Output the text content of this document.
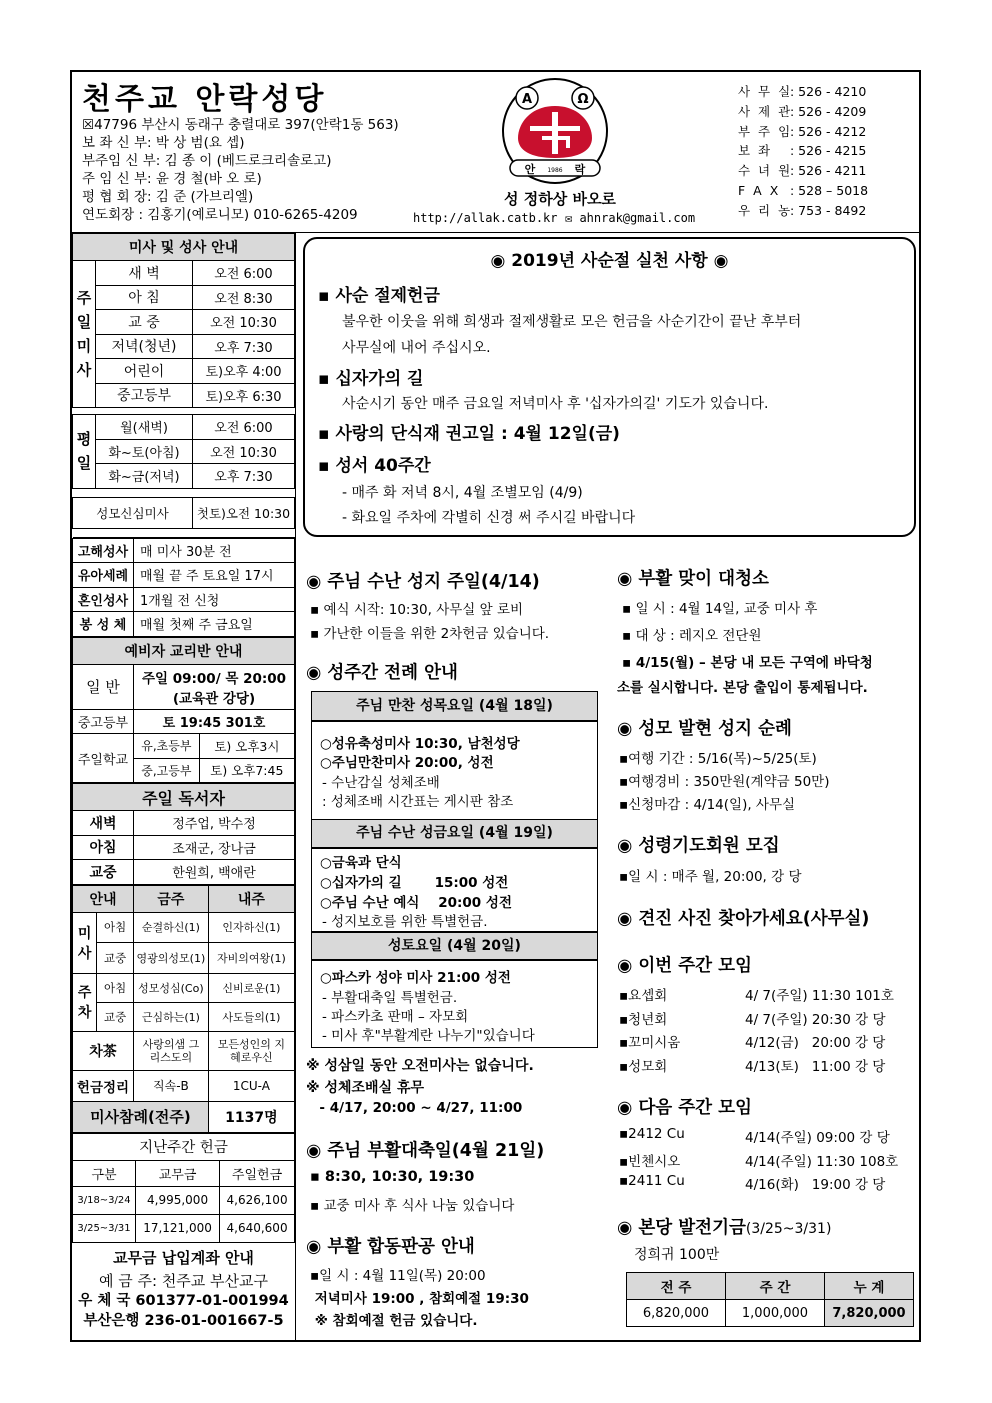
천주교 안락성당
☒47796 부산시 동래구 충렬대로 397(안락1동 563)
보 좌 신 부: 박 상 범(요 셉)
부주임 신 부: 김 종 이 (베드로크리솔로고)
주 임 신 부: 윤 경 철(바 오 로)
평 협 회 장: 김 준 (가브리엘)
연도회장 : 김홍기(예로니모) 010-6265-4209
A	Ω
안 1986 락
성 정하상 바오로
http://allak.catb.kr ✉ ahnrak@gmail.com
사 무 실: 526 - 4210
사 제 관: 526 - 4209
부 주 임: 526 - 4212
보 좌 : 526 - 4215
수 녀 원: 526 - 4211
F A X : 528 – 5018
우 리 농: 753 - 8492
미사 및 성사 안내		
주
일
미
사	새 벽	오전 6:00
	아 침	오전 8:30
	교 중	오전 10:30
	저녁(청년)	오후 7:30
	어린이	토)오후 4:00
	중고등부	토)오후 6:30

평
일	월(새벽)	오전 6:00
	화~토(아침)	오전 10:30
	화~금(저녁)	오후 7:30

성모신심미사		첫토)오전 10:30

고해성사	매 미사 30분 전
유아세례	매월 끝 주 토요일 17시
혼인성사	1개월 전 신청
봉 성 체	매월 첫째 주 금요일
예비자 교리반 안내		
일 반	주일 09:00/ 목 20:00
(교육관 강당)	
중고등부	토 19:45 301호	
주일학교	유,초등부	토) 오후3시
	중,고등부	토) 오후7:45
주일 독서자	
새벽	정주업, 박수정
아침	조재군, 장나금
교중	한원희, 백애란
안내		금주	내주
미
사	아침	순결하신(1)	인자하신(1)
	교중	영광의성모(1)	자비의여왕(1)
주
차	아침	성모성심(Co)	신비로운(1)
	교중	근심하는(1)	사도들의(1)
차茶		사랑의샘 그리스도의	모든성인의 지혜로우신
헌금정리		직속-B	1CU-A
미사참례(전주)			1137명
지난주간 헌금		
구분	교무금	주일헌금
3/18~3/24	4,995,000	4,626,100
3/25~3/31	17,121,000	4,640,600
교무금 납입계좌 안내
예 금 주: 천주교 부산교구
우 체 국 601377-01-001994
부산은행 236-01-001667-5
◉ 2019년 사순절 실천 사항 ◉
▪ 사순 절제헌금
불우한 이웃을 위해 희생과 절제생활로 모은 헌금을 사순기간이 끝난 후부터
사무실에 내어 주십시오.
▪ 십자가의 길
사순시기 동안 매주 금요일 저녁미사 후 '십자가의길' 기도가 있습니다.
▪ 사랑의 단식재 권고일 : 4월 12일(금)
▪ 성서 40주간
- 매주 화 저녁 8시, 4월 조별모임 (4/9)
- 화요일 주차에 각별히 신경 써 주시길 바랍니다
◉ 주님 수난 성지 주일(4/14)
▪ 예식 시작: 10:30, 사무실 앞 로비
▪ 가난한 이들을 위한 2차헌금 있습니다.
◉ 성주간 전례 안내
주님 만찬 성목요일 (4월 18일)
○성유축성미사 10:30, 남천성당
○주님만찬미사 20:00, 성전
- 수난감실 성체조배
: 성체조배 시간표는 게시판 참조
주님 수난 성금요일 (4월 19일)
○금육과 단식
○십자가의 길       15:00 성전
○주님 수난 예식    20:00 성전
- 성지보호를 위한 특별헌금.
성토요일 (4월 20일)
○파스카 성야 미사 21:00 성전
- 부활대축일 특별헌금.
- 파스카초 판매 – 자모회
- 미사 후"부활계란 나누기"있습니다
※ 성삼일 동안 오전미사는 없습니다.
※ 성체조배실 휴무
- 4/17, 20:00 ~ 4/27, 11:00
◉ 주님 부활대축일(4월 21일)
▪ 8:30, 10:30, 19:30
▪ 교중 미사 후 식사 나눔 있습니다
◉ 부활 합동판공 안내
▪일 시 : 4월 11일(목) 20:00
저녁미사 19:00 , 참회예절 19:30
※ 참회예절 헌금 있습니다.
◉ 부활 맞이 대청소
▪ 일 시 : 4월 14일, 교중 미사 후
▪ 대 상 : 레지오 전단원
▪ 4/15(월) – 본당 내 모든 구역에 바닥청
소를 실시합니다. 본당 출입이 통제됩니다.
◉ 성모 발현 성지 순례
▪여행 기간 : 5/16(목)~5/25(토)
▪여행경비 : 350만원(계약금 50만)
▪신청마감 : 4/14(일), 사무실
◉ 성령기도회원 모집
▪일 시 : 매주 월, 20:00, 강 당
◉ 견진 사진 찾아가세요(사무실)
◉ 이번 주간 모임
▪요셉회	4/ 7(주일) 11:30 101호
▪청년회	4/ 7(주일) 20:30 강 당
▪꼬미시움	4/12(금)   20:00 강 당
▪성모회	4/13(토)   11:00 강 당
◉ 다음 주간 모임
▪2412 Cu	4/14(주일) 09:00 강 당
▪빈첸시오	4/14(주일) 11:30 108호
▪2411 Cu	4/16(화)   19:00 강 당
◉ 본당 발전기금(3/25~3/31)
정희귀 100만
전 주	주 간	누 계
6,820,000	1,000,000	7,820,000
